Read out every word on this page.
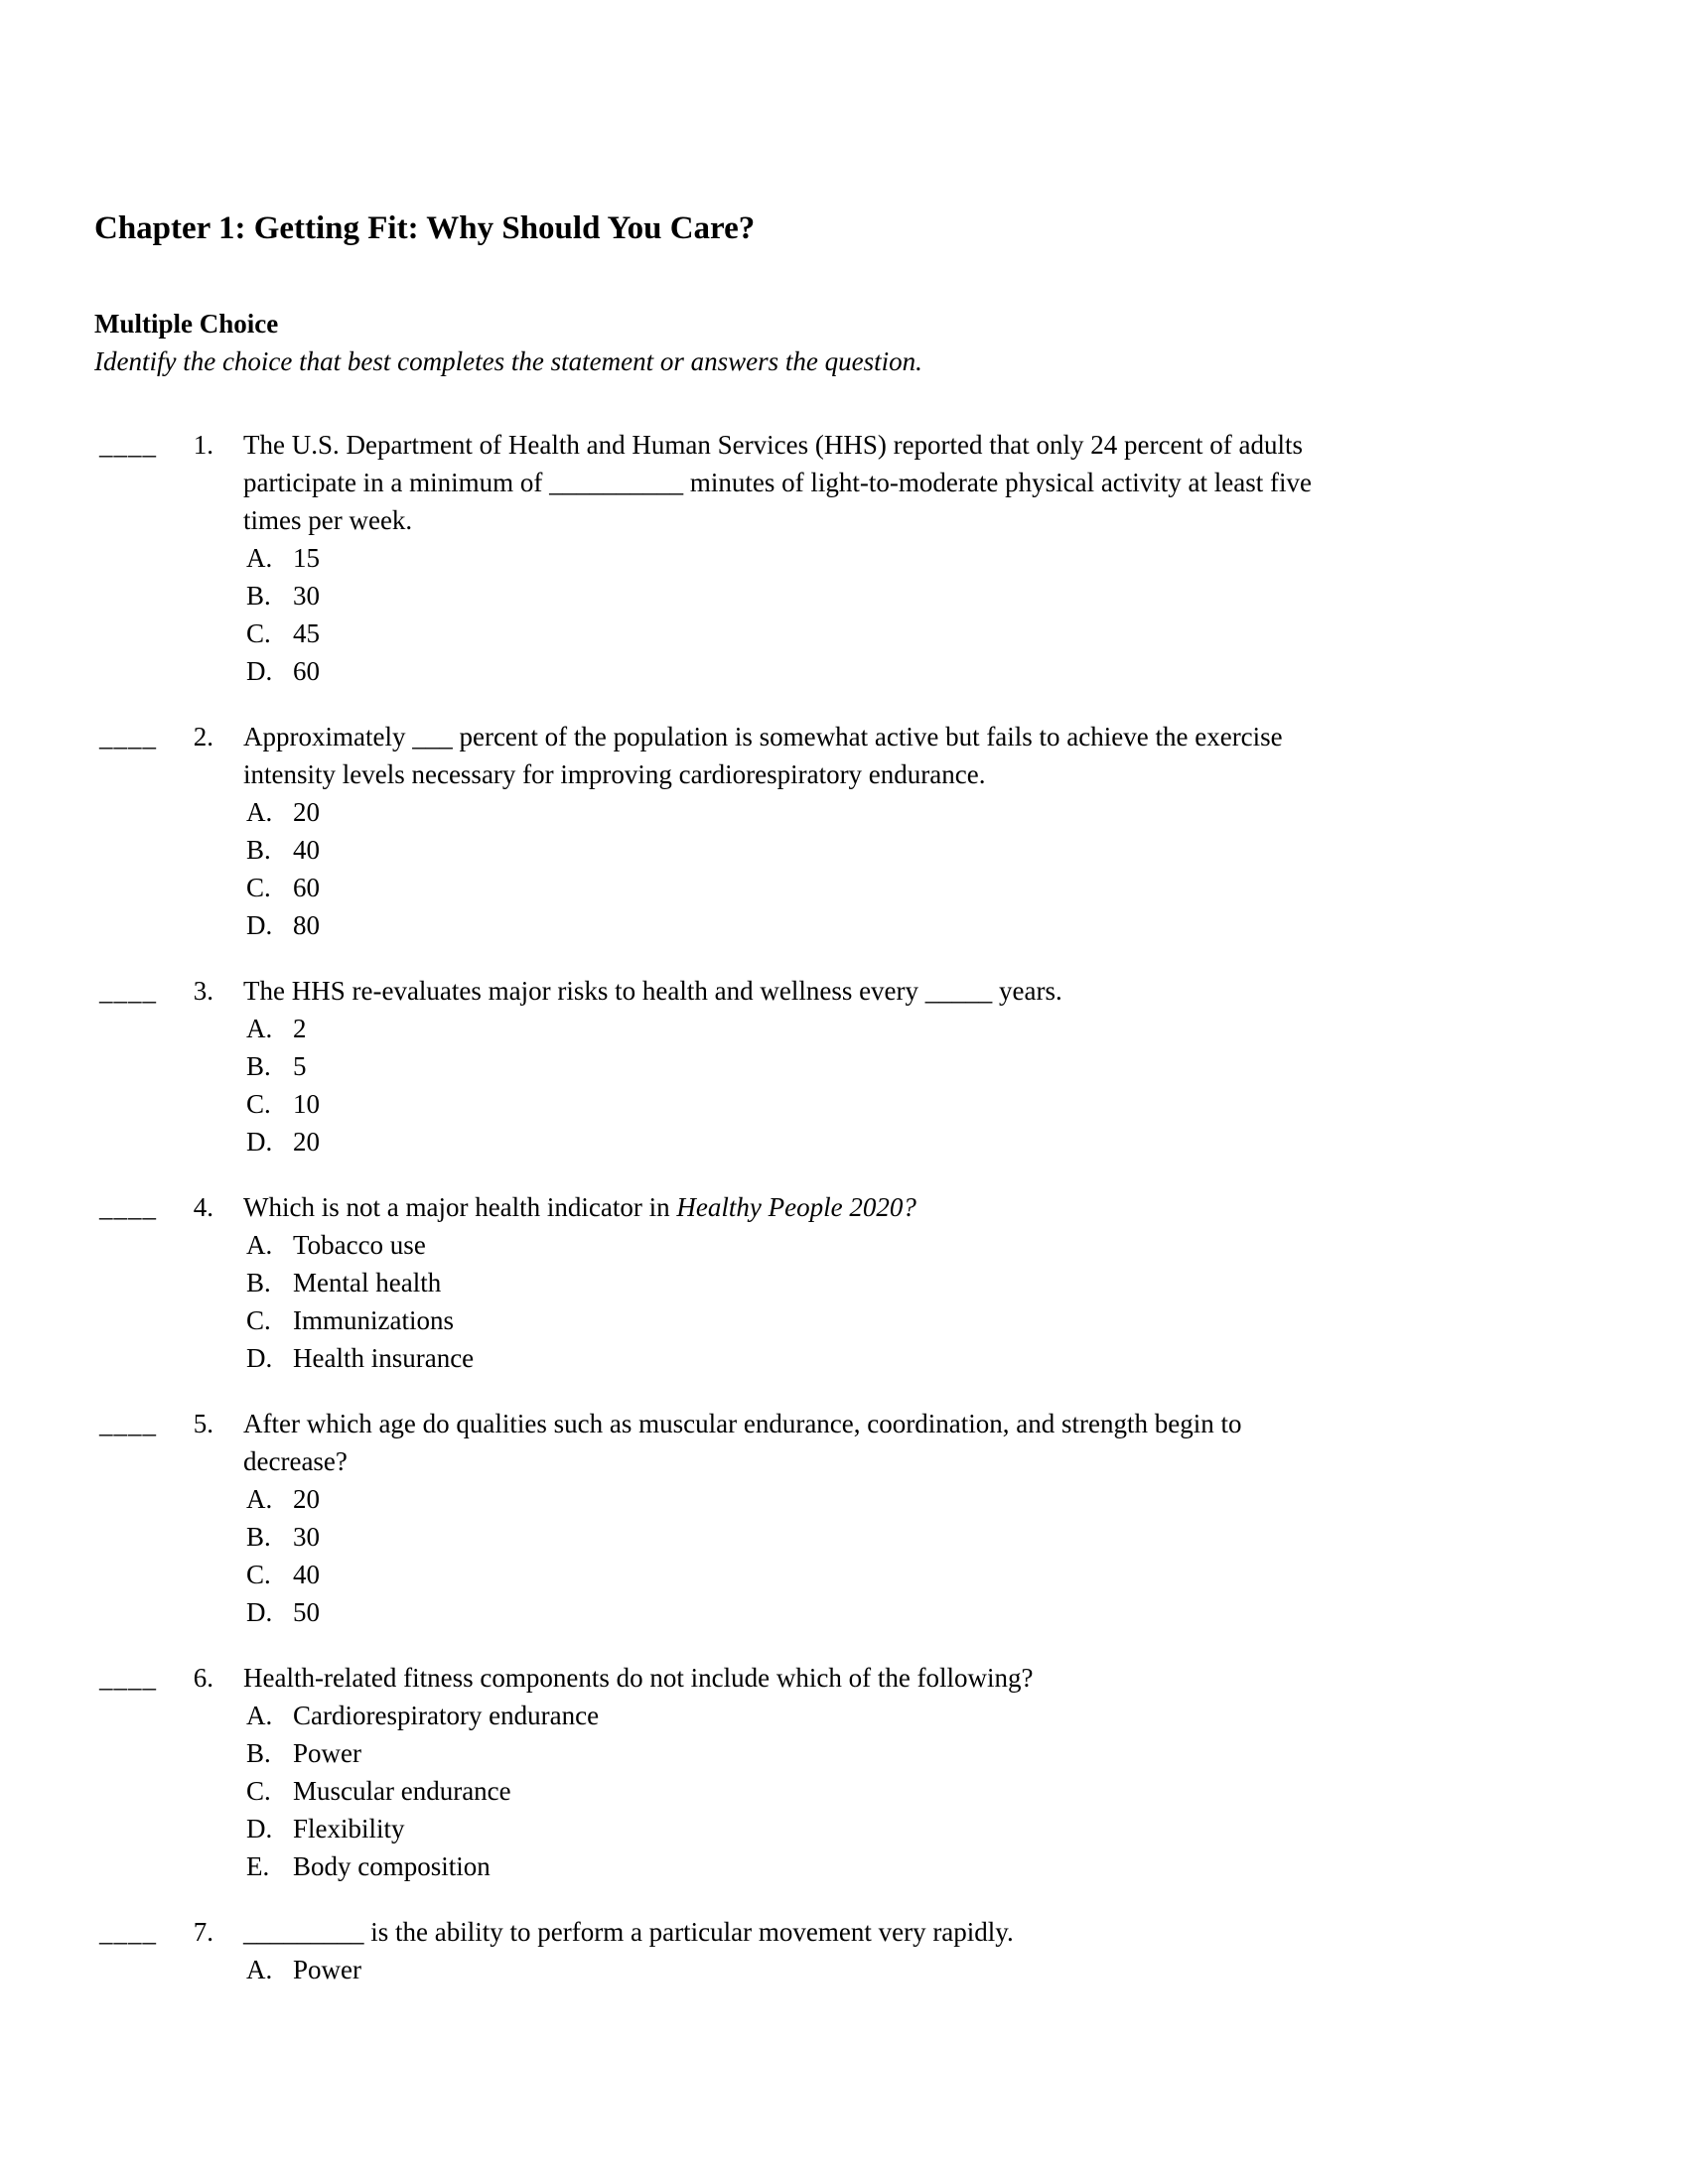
Chapter 1: Getting Fit: Why Should You Care?
Multiple Choice
Identify the choice that best completes the statement or answers the question.
____	1.	The U.S. Department of Health and Human Services (HHS) reported that only 24 percent of adults
participate in a minimum of __________ minutes of light-to-moderate physical activity at least five
times per week.
A. 15
B. 30
C. 45
D. 60
____	2.	Approximately ___ percent of the population is somewhat active but fails to achieve the exercise
intensity levels necessary for improving cardiorespiratory endurance.
A. 20
B. 40
C. 60
D. 80
____	3.	The HHS re-evaluates major risks to health and wellness every _____ years.
A. 2
B. 5
C. 10
D. 20
____	4.	Which is not a major health indicator in Healthy People 2020?
A. Tobacco use
B. Mental health
C. Immunizations
D. Health insurance
____	5.	After which age do qualities such as muscular endurance, coordination, and strength begin to
decrease?
A. 20
B. 30
C. 40
D. 50
____	6.	Health-related fitness components do not include which of the following?
A. Cardiorespiratory endurance
B. Power
C. Muscular endurance
D. Flexibility
E. Body composition
____	7.	_________ is the ability to perform a particular movement very rapidly.
A. Power
